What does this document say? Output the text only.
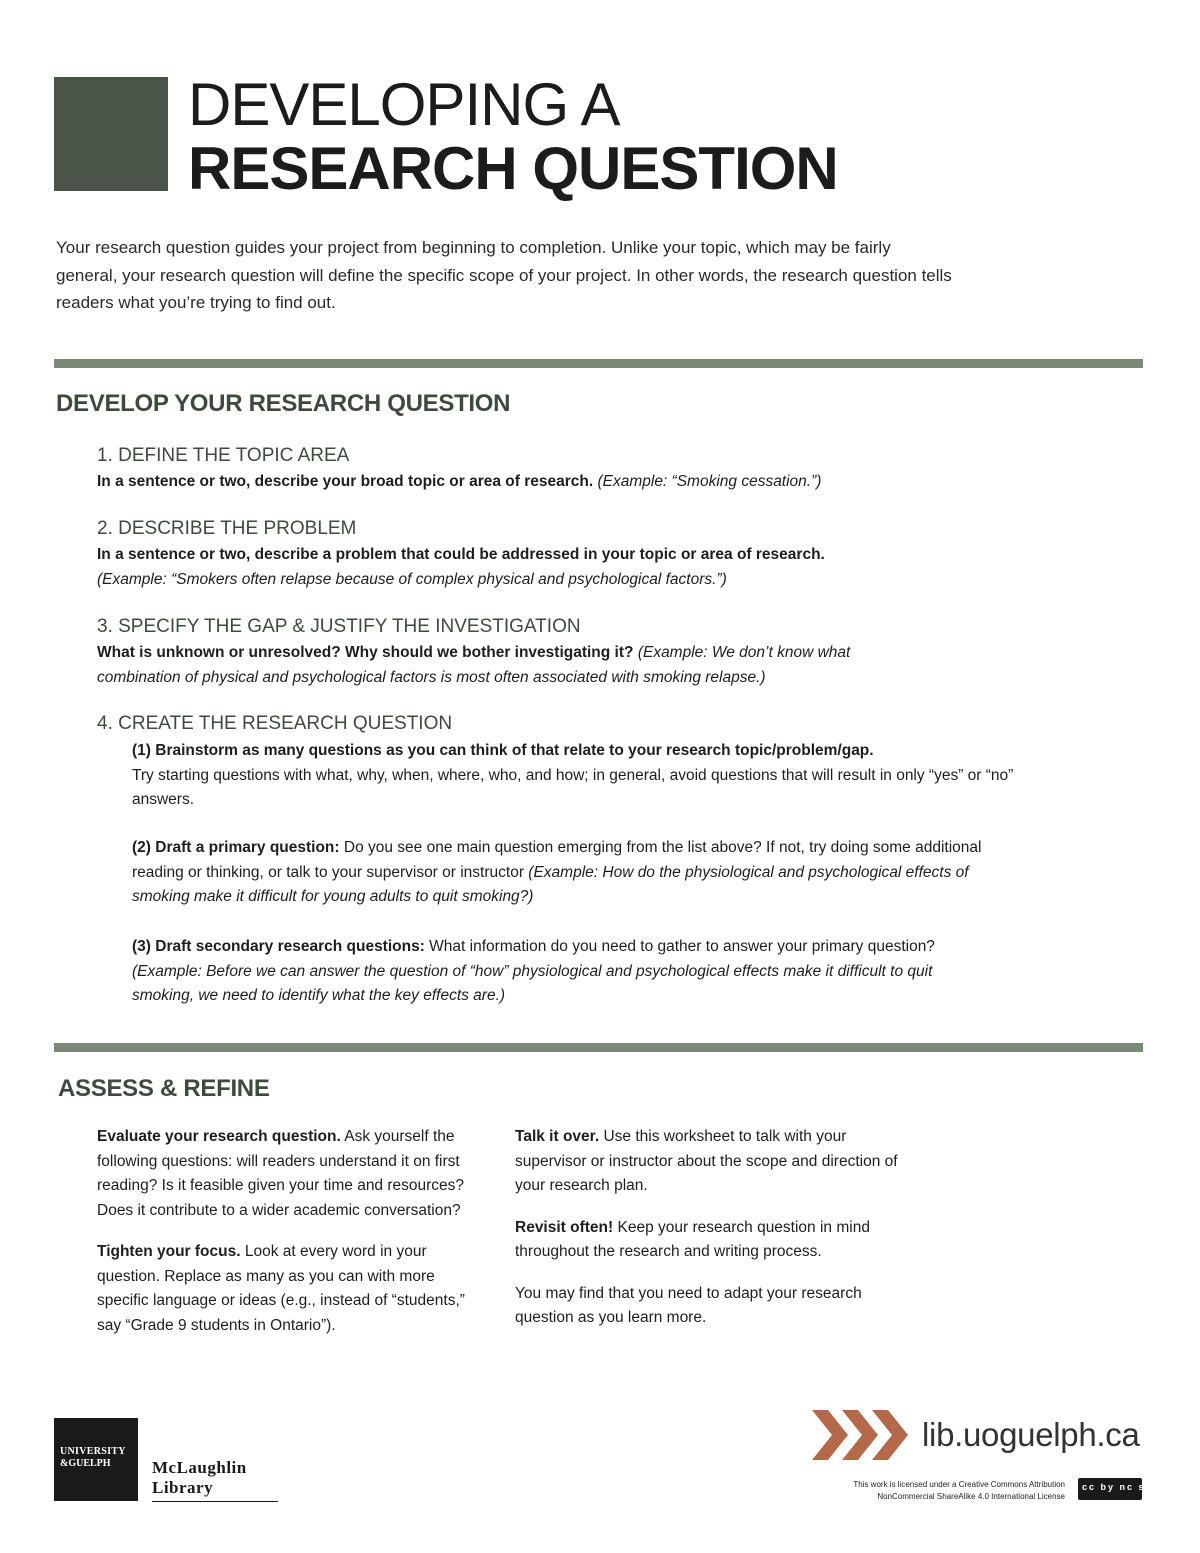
DEVELOPING A
RESEARCH QUESTION
Your research question guides your project from beginning to completion. Unlike your topic, which may be fairly general, your research question will define the specific scope of your project. In other words, the research question tells readers what you’re trying to find out.
DEVELOP YOUR RESEARCH QUESTION
1. DEFINE THE TOPIC AREA
In a sentence or two, describe your broad topic or area of research. (Example: “Smoking cessation.”)
2. DESCRIBE THE PROBLEM
In a sentence or two, describe a problem that could be addressed in your topic or area of research.
(Example: “Smokers often relapse because of complex physical and psychological factors.”)
3. SPECIFY THE GAP & JUSTIFY THE INVESTIGATION
What is unknown or unresolved? Why should we bother investigating it? (Example: We don’t know what combination of physical and psychological factors is most often associated with smoking relapse.)
4. CREATE THE RESEARCH QUESTION
(1) Brainstorm as many questions as you can think of that relate to your research topic/problem/gap.
Try starting questions with what, why, when, where, who, and how; in general, avoid questions that will result in only “yes” or “no” answers.
(2) Draft a primary question: Do you see one main question emerging from the list above? If not, try doing some additional reading or thinking, or talk to your supervisor or instructor (Example: How do the physiological and psychological effects of smoking make it difficult for young adults to quit smoking?)
(3) Draft secondary research questions: What information do you need to gather to answer your primary question? (Example: Before we can answer the question of “how” physiological and psychological effects make it difficult to quit smoking, we need to identify what the key effects are.)
ASSESS & REFINE

Evaluate your research question. Ask yourself the following questions: will readers understand it on first reading? Is it feasible given your time and resources? Does it contribute to a wider academic conversation?

Tighten your focus. Look at every word in your question. Replace as many as you can with more specific language or ideas (e.g., instead of “students,” say “Grade 9 students in Ontario”).

Talk it over. Use this worksheet to talk with your supervisor or instructor about the scope and direction of your research plan.

Revisit often! Keep your research question in mind throughout the research and writing process.

You may find that you need to adapt your research question as you learn more.

UNIVERSITY
&GUELPH McLaughlin
Library
lib.uoguelph.ca
This work is licensed under a Creative Commons Attribution
NonCommercial ShareAlike 4.0 International License
cc by nc sa
